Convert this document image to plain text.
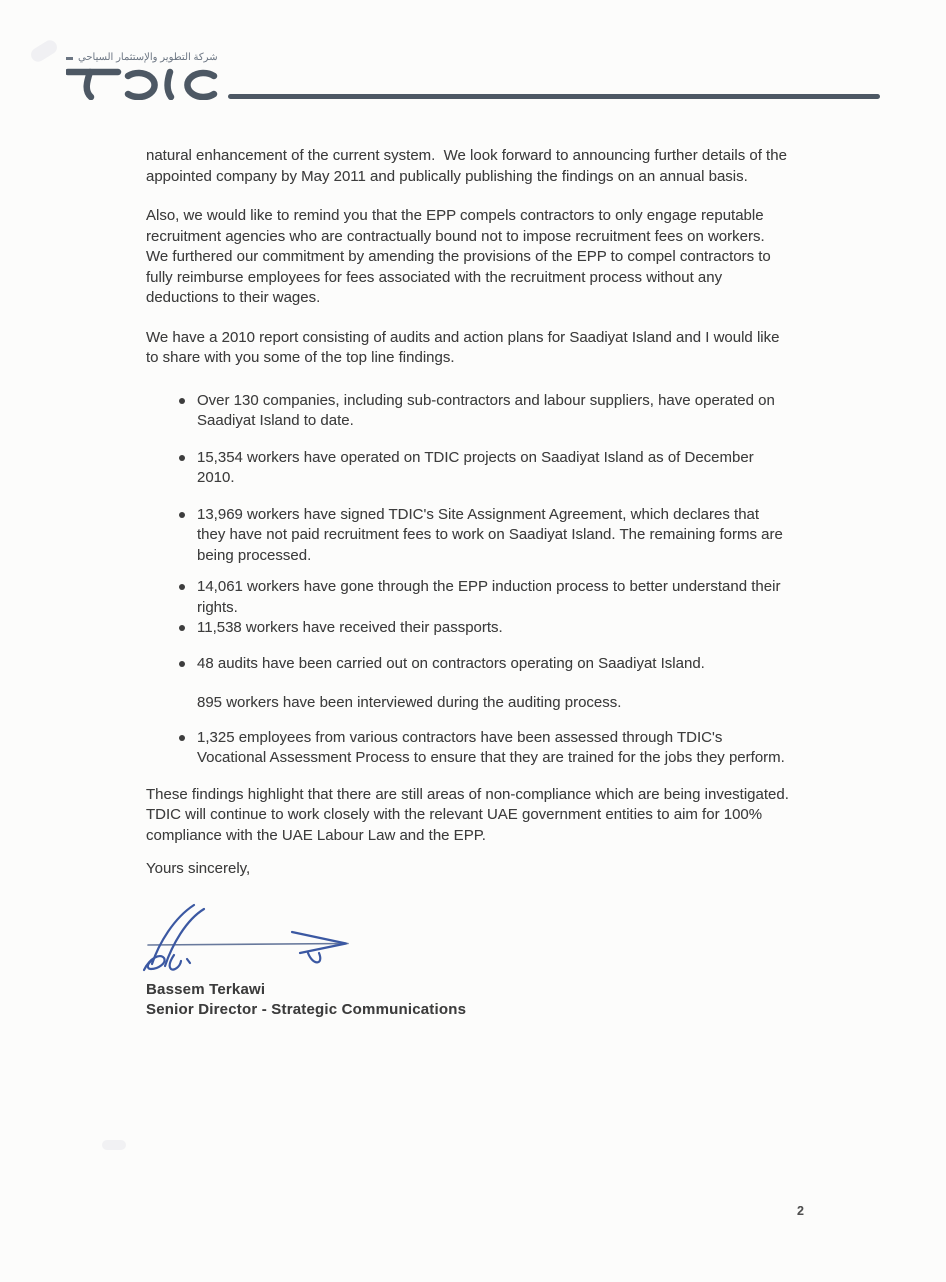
شركة التطوير والإستثمار السياحي
natural enhancement of the current system.  We look forward to announcing further details of the
appointed company by May 2011 and publically publishing the findings on an annual basis.
Also, we would like to remind you that the EPP compels contractors to only engage reputable
recruitment agencies who are contractually bound not to impose recruitment fees on workers.
We furthered our commitment by amending the provisions of the EPP to compel contractors to
fully reimburse employees for fees associated with the recruitment process without any
deductions to their wages.
We have a 2010 report consisting of audits and action plans for Saadiyat Island and I would like
to share with you some of the top line findings.
Over 130 companies, including sub-contractors and labour suppliers, have operated on
Saadiyat Island to date.
15,354 workers have operated on TDIC projects on Saadiyat Island as of December
2010.
13,969 workers have signed TDIC's Site Assignment Agreement, which declares that
they have not paid recruitment fees to work on Saadiyat Island. The remaining forms are
being processed.
14,061 workers have gone through the EPP induction process to better understand their
rights.
11,538 workers have received their passports.
48 audits have been carried out on contractors operating on Saadiyat Island.
895 workers have been interviewed during the auditing process.
1,325 employees from various contractors have been assessed through TDIC's
Vocational Assessment Process to ensure that they are trained for the jobs they perform.
These findings highlight that there are still areas of non-compliance which are being investigated.
TDIC will continue to work closely with the relevant UAE government entities to aim for 100%
compliance with the UAE Labour Law and the EPP.
Yours sincerely,
Bassem Terkawi
Senior Director - Strategic Communications
2
